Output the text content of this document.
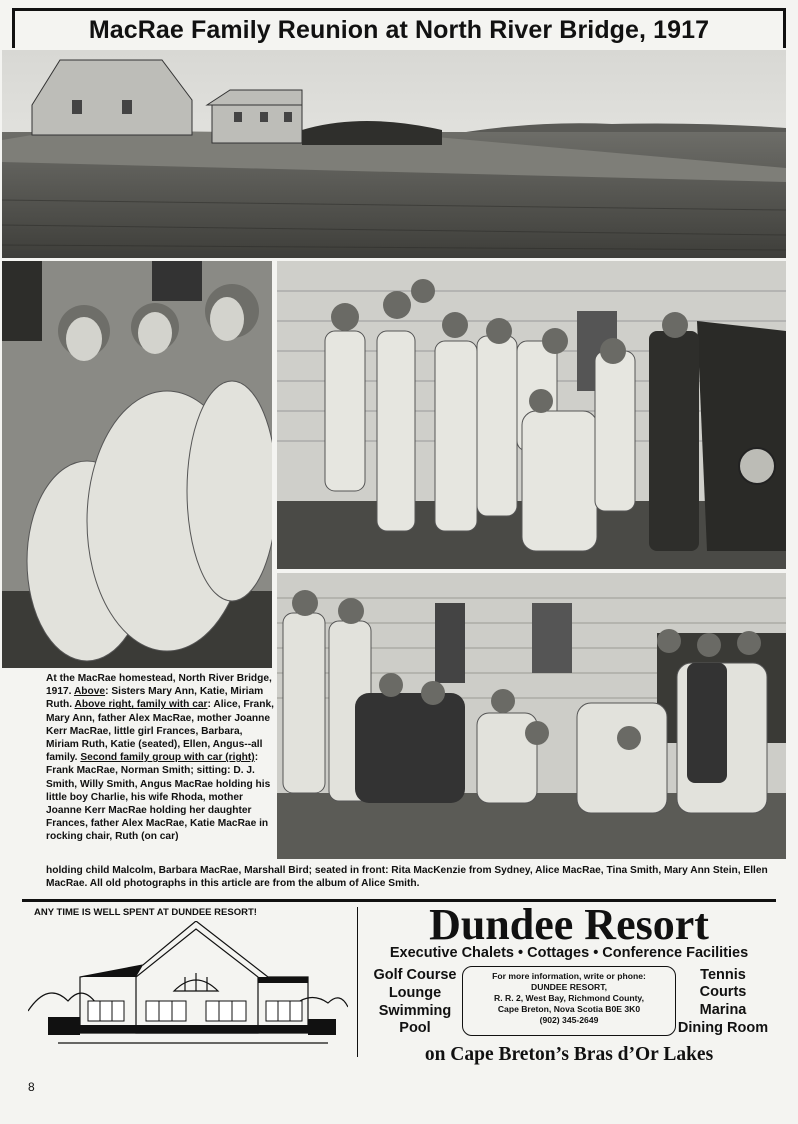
MacRae Family Reunion at North River Bridge, 1917
At the MacRae homestead, North River Bridge, 1917. Above: Sisters Mary Ann, Katie, Miriam Ruth. Above right, family with car: Alice, Frank, Mary Ann, father Alex MacRae, mother Joanne Kerr MacRae, little girl Frances, Barbara, Miriam Ruth, Katie (seated), Ellen, Angus--all family. Second family group with car (right): Frank MacRae, Norman Smith; sitting: D. J. Smith, Willy Smith, Angus MacRae holding his little boy Charlie, his wife Rhoda, mother Joanne Kerr MacRae holding her daughter Frances, father Alex MacRae, Katie MacRae in rocking chair, Ruth (on car)
holding child Malcolm, Barbara MacRae, Marshall Bird; seated in front: Rita MacKenzie from Sydney, Alice MacRae, Tina Smith, Mary Ann Stein, Ellen MacRae. All old photographs in this article are from the album of Alice Smith.
ANY TIME IS WELL SPENT AT DUNDEE RESORT!	Dundee Resort
Executive Chalets • Cottages • Conference Facilities
Golf Course
Lounge
Swimming Pool
For more information, write or phone:
DUNDEE RESORT,
R. R. 2, West Bay, Richmond County,
Cape Breton, Nova Scotia B0E 3K0
(902) 345-2649
Tennis Courts
Marina
Dining Room
on Cape Breton’s Bras d’Or Lakes
8
